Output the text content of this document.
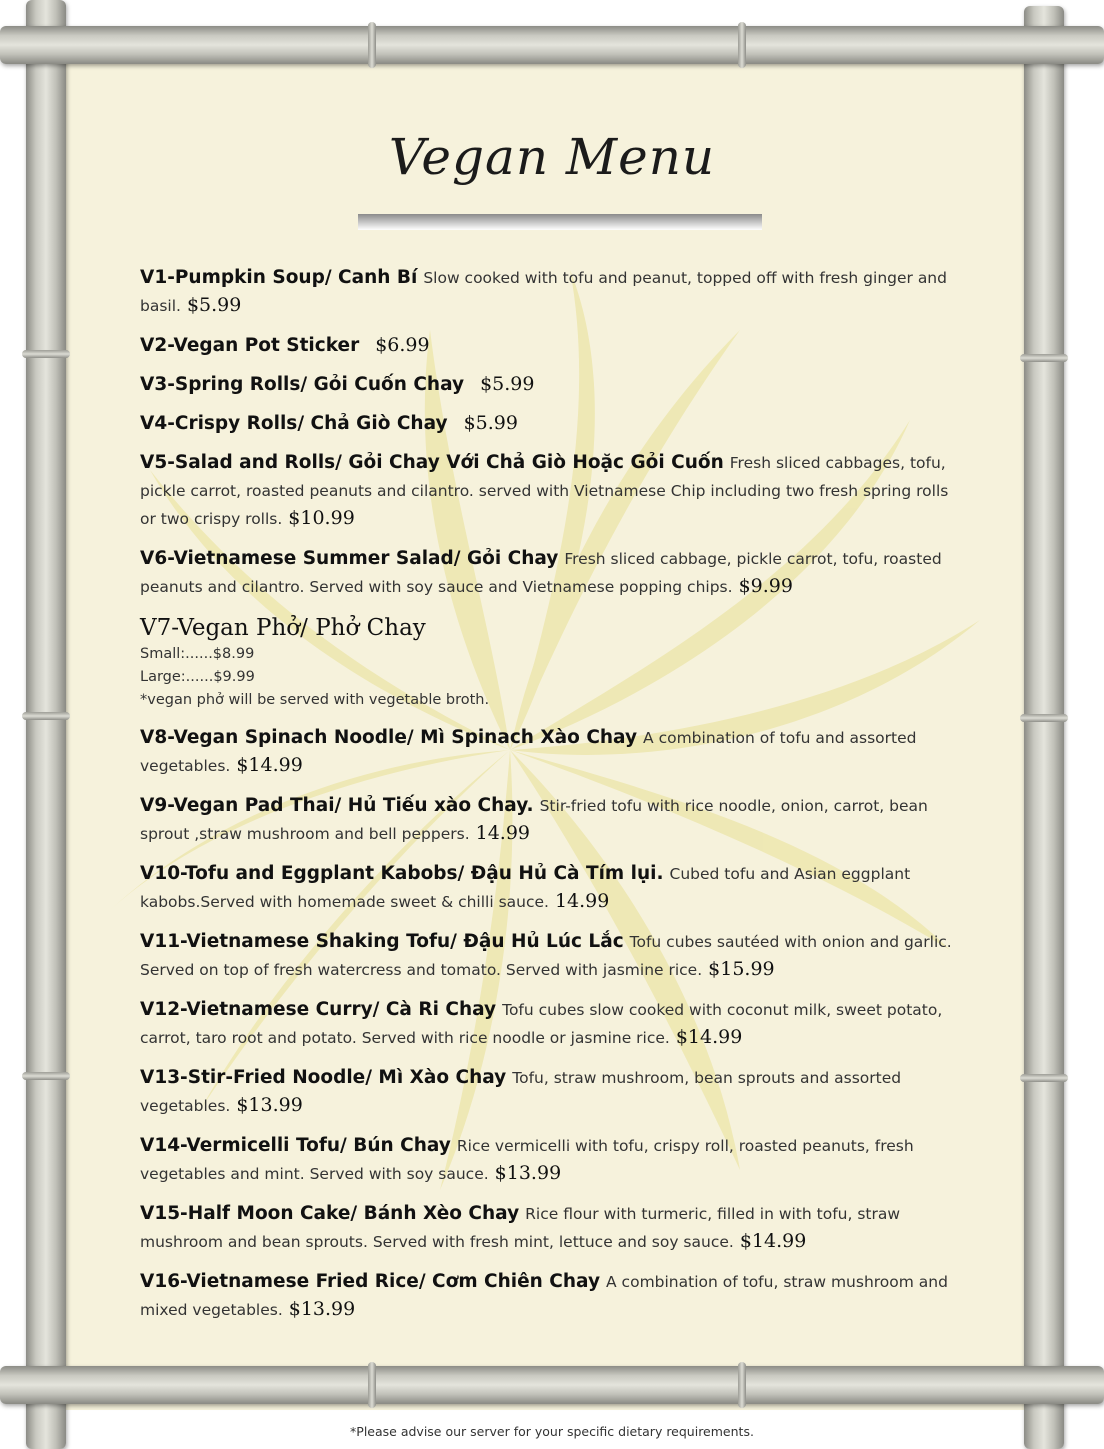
Vegan Menu
V1-Pumpkin Soup/ Canh Bí Slow cooked with tofu and peanut, topped off with fresh ginger and basil. $5.99
V2-Vegan Pot Sticker $6.99
V3-Spring Rolls/ Gỏi Cuốn Chay $5.99
V4-Crispy Rolls/ Chả Giò Chay $5.99
V5-Salad and Rolls/ Gỏi Chay Với Chả Giò Hoặc Gỏi Cuốn Fresh sliced cabbages, tofu, pickle carrot, roasted peanuts and cilantro. served with Vietnamese Chip including two fresh spring rolls or two crispy rolls. $10.99
V6-Vietnamese Summer Salad/ Gỏi Chay Fresh sliced cabbage, pickle carrot, tofu, roasted peanuts and cilantro. Served with soy sauce and Vietnamese popping chips. $9.99
V7-Vegan Phở/ Phở Chay
Small:......$8.99
Large:......$9.99
*vegan phở will be served with vegetable broth.
V8-Vegan Spinach Noodle/ Mì Spinach Xào Chay A combination of tofu and assorted vegetables. $14.99
V9-Vegan Pad Thai/ Hủ Tiếu xào Chay. Stir-fried tofu with rice noodle, onion, carrot, bean sprout ,straw mushroom and bell peppers. 14.99
V10-Tofu and Eggplant Kabobs/ Đậu Hủ Cà Tím lụi. Cubed tofu and Asian eggplant kabobs.Served with homemade sweet & chilli sauce. 14.99
V11-Vietnamese Shaking Tofu/ Đậu Hủ Lúc Lắc Tofu cubes sautéed with onion and garlic. Served on top of fresh watercress and tomato. Served with jasmine rice. $15.99
V12-Vietnamese Curry/ Cà Ri Chay Tofu cubes slow cooked with coconut milk, sweet potato, carrot, taro root and potato. Served with rice noodle or jasmine rice. $14.99
V13-Stir-Fried Noodle/ Mì Xào Chay Tofu, straw mushroom, bean sprouts and assorted vegetables. $13.99
V14-Vermicelli Tofu/ Bún Chay Rice vermicelli with tofu, crispy roll, roasted peanuts, fresh vegetables and mint. Served with soy sauce. $13.99
V15-Half Moon Cake/ Bánh Xèo Chay Rice flour with turmeric, filled in with tofu, straw mushroom and bean sprouts. Served with fresh mint, lettuce and soy sauce. $14.99
V16-Vietnamese Fried Rice/ Cơm Chiên Chay A combination of tofu, straw mushroom and mixed vegetables. $13.99
*Please advise our server for your specific dietary requirements.
